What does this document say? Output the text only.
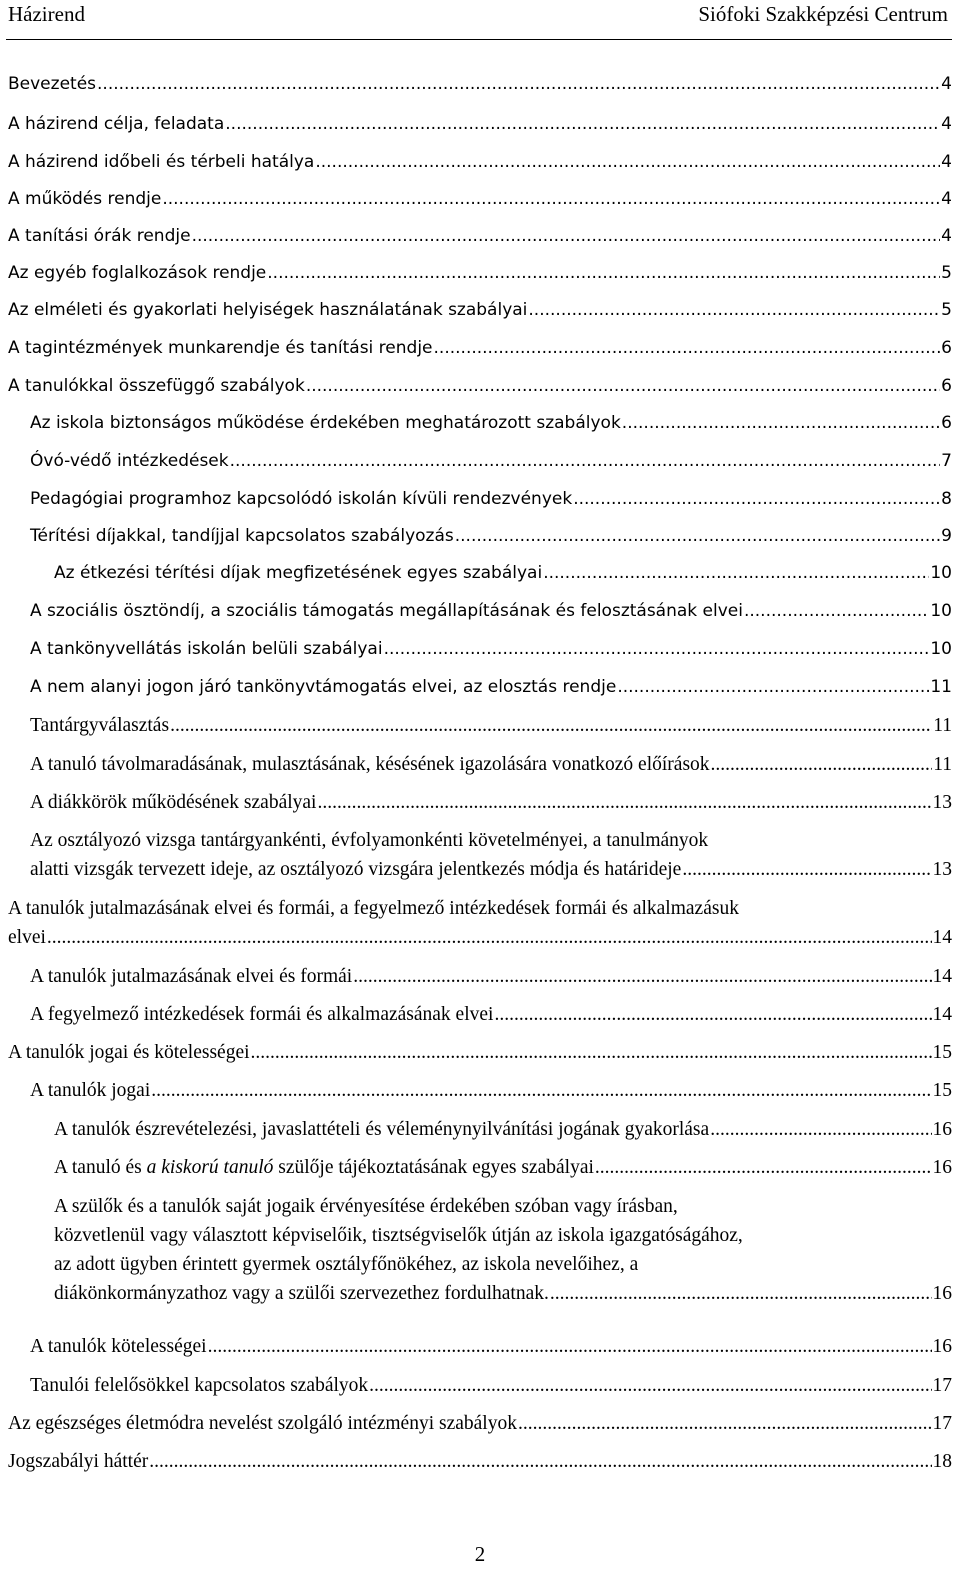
Házirend	Siófoki Szakképzési Centrum
Bevezetés .....	4
A házirend célja, feladata .....	4
A házirend időbeli és térbeli hatálya .....	4
A működés rendje .....	4
A tanítási órák rendje .....	4
Az egyéb foglalkozások rendje .....	5
Az elméleti és gyakorlati helyiségek használatának szabályai .....	5
A tagintézmények munkarendje és tanítási rendje .....	6
A tanulókkal összefüggő szabályok .....	6
Az iskola biztonságos működése érdekében meghatározott szabályok .....	6
Óvó-védő intézkedések .....	7
Pedagógiai programhoz kapcsolódó iskolán kívüli rendezvények .....	8
Térítési díjakkal, tandíjjal kapcsolatos szabályozás .....	9
Az étkezési térítési díjak megfizetésének egyes szabályai .....	10
A szociális ösztöndíj, a szociális támogatás megállapításának és felosztásának elvei .....	10
A tankönyvellátás iskolán belüli szabályai .....	10
A nem alanyi jogon járó tankönyvtámogatás elvei, az elosztás rendje .....	11
Tantárgyválasztás .....	11
A tanuló távolmaradásának, mulasztásának, késésének igazolására vonatkozó előírások .....	11
A diákkörök működésének szabályai .....	13
Az osztályozó vizsga tantárgyankénti, évfolyamonkénti követelményei, a tanulmányok
alatti vizsgák tervezett ideje, az osztályozó vizsgára jelentkezés módja és határideje .....	13
A tanulók jutalmazásának elvei és formái, a fegyelmező intézkedések formái és alkalmazásuk
elvei .....	14
A tanulók jutalmazásának elvei és formái .....	14
A fegyelmező intézkedések formái és alkalmazásának elvei .....	14
A tanulók jogai és kötelességei .....	15
A tanulók jogai .....	15
A tanulók észrevételezési, javaslattételi és véleménynyilvánítási jogának gyakorlása .....	16
A tanuló és a kiskorú tanuló szülője tájékoztatásának egyes szabályai .....	16
A szülők és a tanulók saját jogaik érvényesítése érdekében szóban vagy írásban,
közvetlenül vagy választott képviselőik, tisztségviselők útján az iskola igazgatóságához,
az adott ügyben érintett gyermek osztályfőnökéhez, az iskola nevelőihez, a
diákönkormányzathoz vagy a szülői szervezethez fordulhatnak. .....	16
A tanulók kötelességei .....	16
Tanulói felelősökkel kapcsolatos szabályok .....	17
Az egészséges életmódra nevelést szolgáló intézményi szabályok .....	17
Jogszabályi háttér .....	18
2
